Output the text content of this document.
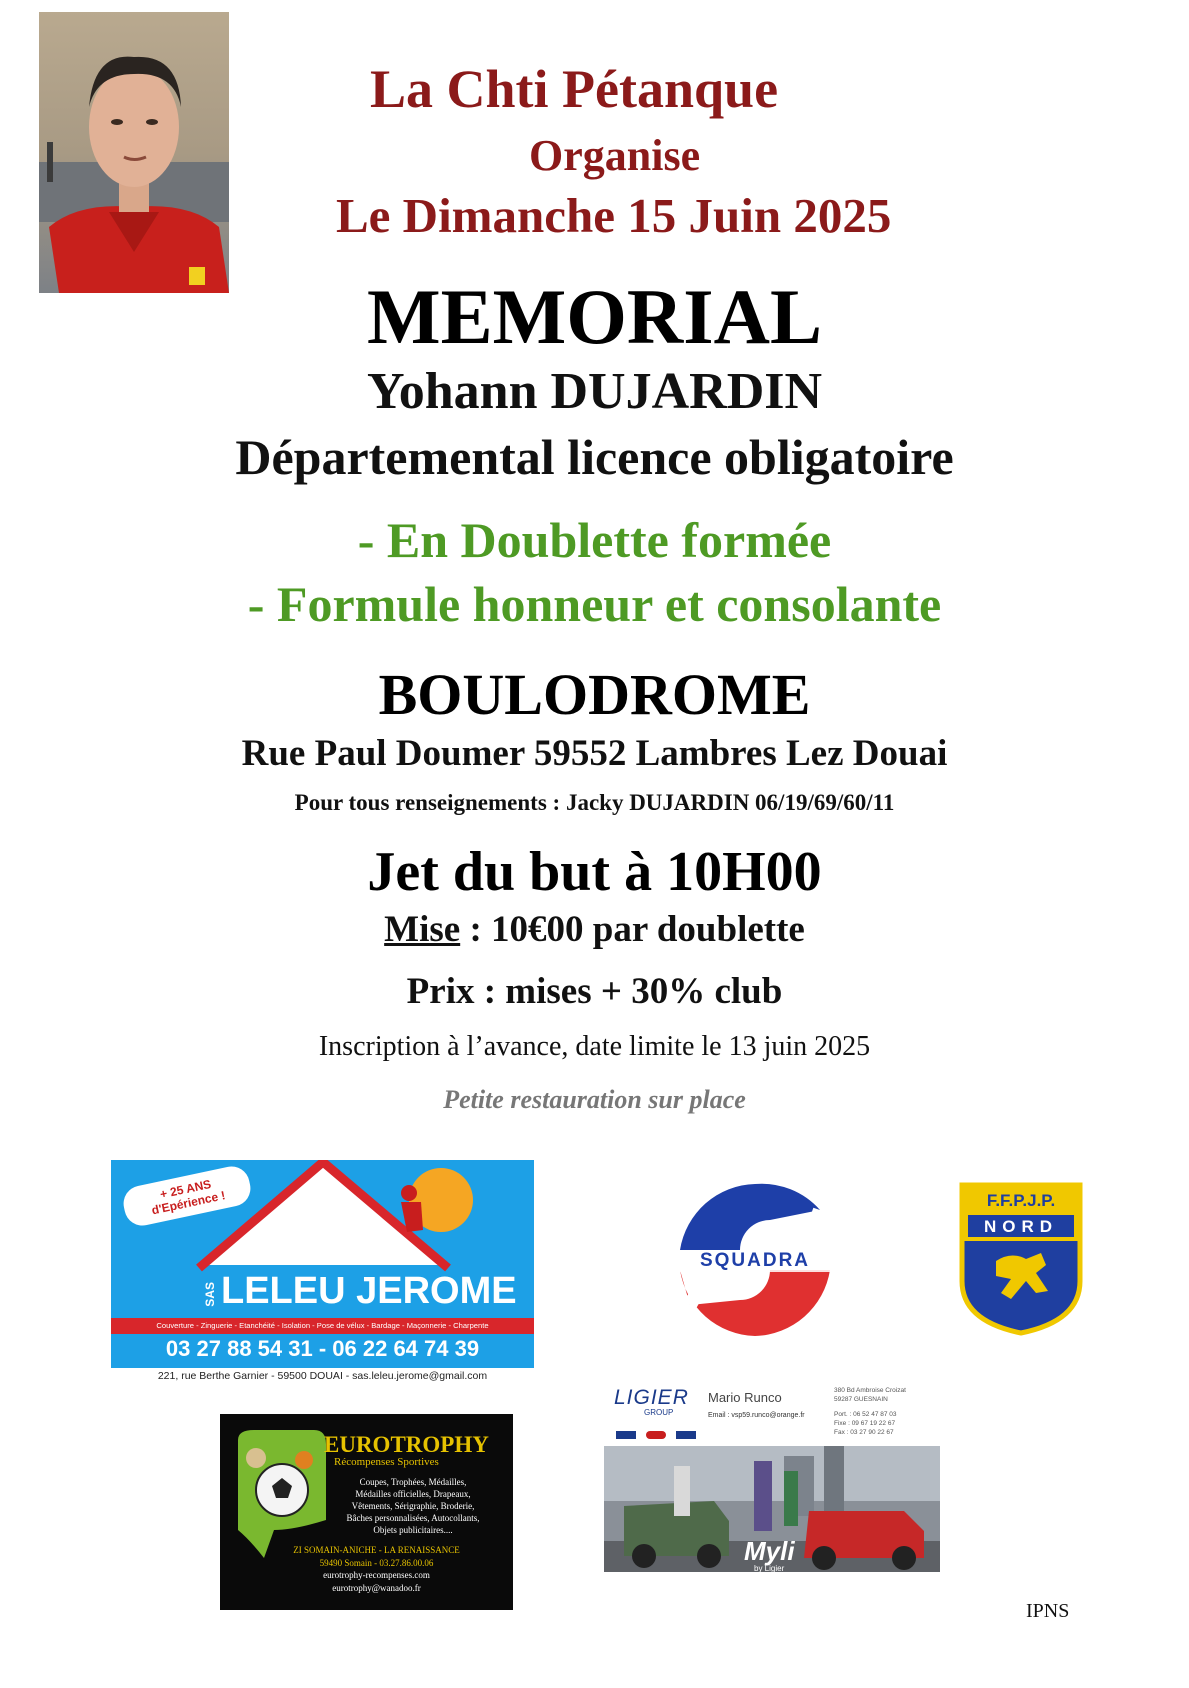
La Chti Pétanque
Organise
Le Dimanche 15 Juin 2025
MEMORIAL
Yohann DUJARDIN
Départemental licence obligatoire
- En Doublette formée
- Formule honneur et consolante
BOULODROME
Rue Paul Doumer 59552 Lambres Lez Douai
Pour tous renseignements : Jacky DUJARDIN 06/19/69/60/11
Jet du but à 10H00
Mise : 10€00 par doublette
Prix : mises + 30% club
Inscription à l’avance, date limite le 13 juin 2025
Petite restauration sur place
+ 25 ANS d'Epérience !
SAS LELEU JEROME
Couverture - Zinguerie - Etanchéité - Isolation - Pose de vélux - Bardage - Maçonnerie - Charpente
03 27 88 54 31 - 06 22 64 74 39
221, rue Berthe Garnier - 59500 DOUAI - sas.leleu.jerome@gmail.com
SQUADRA
F.F.P.J.P.
NORD
EUROTROPHY
Récompenses Sportives
Coupes, Trophées, Médailles,
Médailles officielles, Drapeaux,
Vêtements, Sérigraphie, Broderie,
Bâches personnalisées, Autocollants,
Objets publicitaires....
ZI SOMAIN-ANICHE - LA RENAISSANCE
59490 Somain - 03.27.86.00.06
eurotrophy-recompenses.com
eurotrophy@wanadoo.fr
LIGIER
GROUP
Mario Runco
Email : vsp59.runco@orange.fr
380 Bd Ambroise Croizat
59287 GUESNAIN
Port. : 06 52 47 87 03
Fixe : 09 67 19 22 67
Fax : 03 27 90 22 67

Myli
by Ligier
IPNS
